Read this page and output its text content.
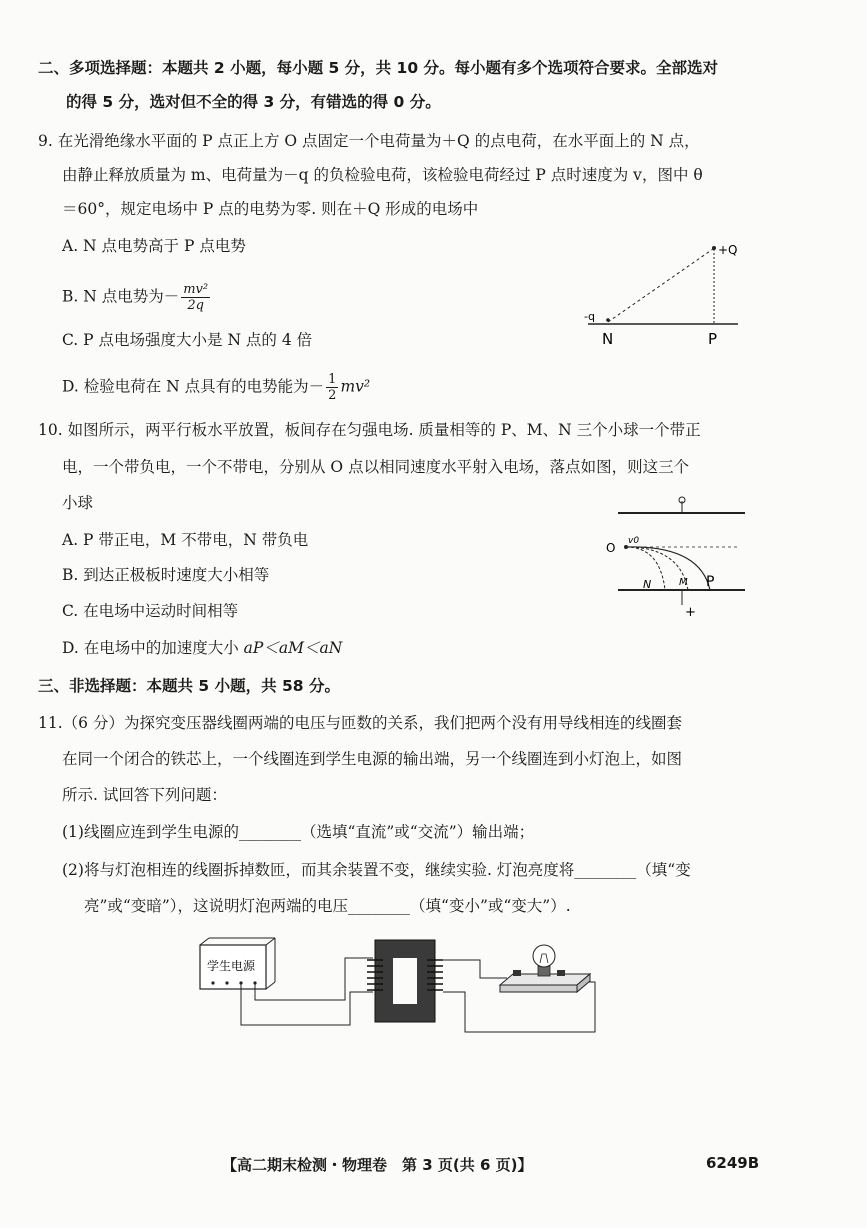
二、多项选择题：本题共 2 小题，每小题 5 分，共 10 分。每小题有多个选项符合要求。全部选对
的得 5 分，选对但不全的得 3 分，有错选的得 0 分。
9. 在光滑绝缘水平面的 P 点正上方 O 点固定一个电荷量为＋Q 的点电荷，在水平面上的 N 点，
由静止释放质量为 m、电荷量为－q 的负检验电荷，该检验电荷经过 P 点时速度为 v，图中 θ
＝60°，规定电场中 P 点的电势为零. 则在＋Q 形成的电场中
A. N 点电势高于 P 点电势
B. N 点电势为－ $\frac{\text{mv²}}{2q}$
C. P 点电场强度大小是 N 点的 4 倍
D. 检验电荷在 N 点具有的电势能为－ $\frac{1}{2} mv^2$
+Q
-q
N	P
10. 如图所示，两平行板水平放置，板间存在匀强电场. 质量相等的 P、M、N 三个小球一个带正
电，一个带负电，一个不带电，分别从 O 点以相同速度水平射入电场，落点如图，则这三个
小球
A. P 带正电，M 不带电，N 带负电
B. 到达正极板时速度大小相等
C. 在电场中运动时间相等
D. 在电场中的加速度大小 aP＜aM＜aN
O v0
N	M P
+
三、非选择题：本题共 5 小题，共 58 分。
11.（6 分）为探究变压器线圈两端的电压与匝数的关系，我们把两个没有用导线相连的线圈套
在同一个闭合的铁芯上，一个线圈连到学生电源的输出端，另一个线圈连到小灯泡上，如图
所示. 试回答下列问题：
(1)线圈应连到学生电源的________（选填“直流”或“交流”）输出端；
(2)将与灯泡相连的线圈拆掉数匝，而其余装置不变，继续实验. 灯泡亮度将________（填“变
亮”或“变暗”），这说明灯泡两端的电压________（填“变小”或“变大”）.
学生电源
【高二期末检测・物理卷　第 3 页(共 6 页)】	6249B
